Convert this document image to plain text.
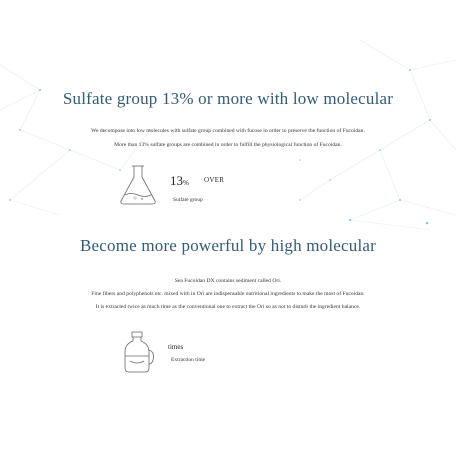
Sulfate group 13% or more with low molecular

We decompose into low molecules with sulfate group combined with fucose in order to preserve the function of Fucoidan.

More than 13% sulfate groups are combined in order to fulfill the physiological function of Fucoidan.

13% OVER
Sulfate group
Become more powerful by high molecular

Sea Fucoidan DX contains sediment called Ori.

Fine fibers and polyphenols etc. mixed with in Ori are indispensable nutritional ingredients to make the most of Fucoidan.

It is extracted twice as much time as the conventional one to extract the Ori so as not to disturb the ingredient balance.

times
Extraction time
